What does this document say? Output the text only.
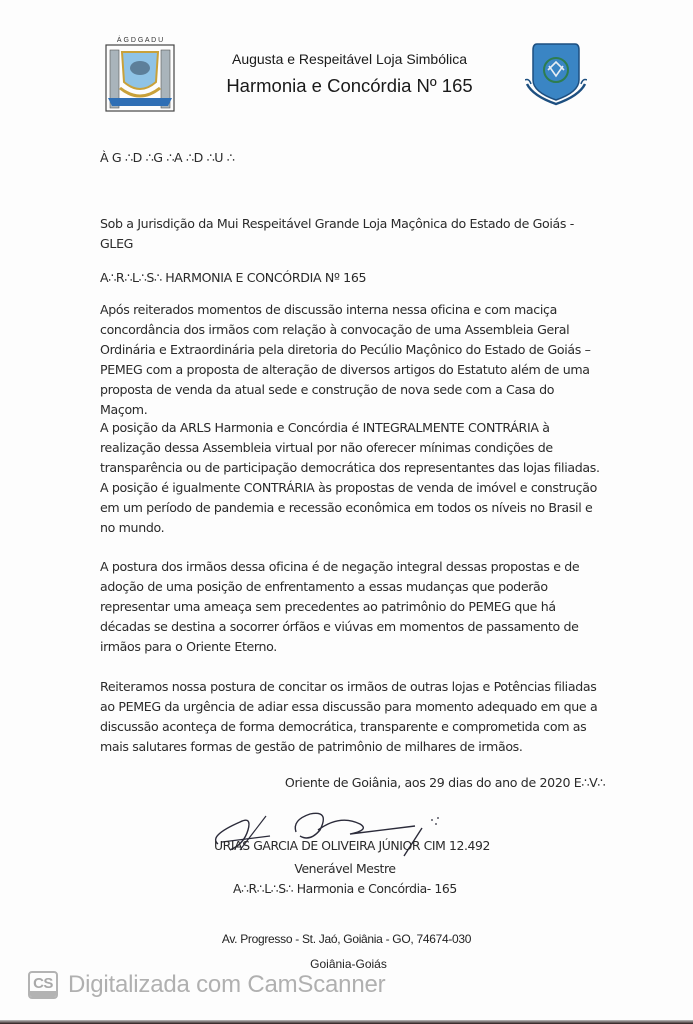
Ȧ G D G A D U
Augusta e Respeitável Loja Simbólica
Harmonia e Concórdia Nº 165
À G ∴D ∴G ∴A ∴D ∴U ∴
Sob a Jurisdição da Mui Respeitável Grande Loja Maçônica do Estado de Goiás - GLEG
A∴R∴L∴S∴ HARMONIA E CONCÓRDIA Nº 165

Após reiterados momentos de discussão interna nessa oficina e com maciça concordância dos irmãos com relação à convocação de uma Assembleia Geral Ordinária e Extraordinária pela diretoria do Pecúlio Maçônico do Estado de Goiás – PEMEG com a proposta de alteração de diversos artigos do Estatuto além de uma proposta de venda da atual sede e construção de nova sede com a Casa do Maçom.

A posição da ARLS Harmonia e Concórdia é INTEGRALMENTE CONTRÁRIA à realização dessa Assembleia virtual por não oferecer mínimas condições de transparência ou de participação democrática dos representantes das lojas filiadas. A posição é igualmente CONTRÁRIA às propostas de venda de imóvel e construção em um período de pandemia e recessão econômica em todos os níveis no Brasil e no mundo.

A postura dos irmãos dessa oficina é de negação integral dessas propostas e de adoção de uma posição de enfrentamento a essas mudanças que poderão representar uma ameaça sem precedentes ao patrimônio do PEMEG que há décadas se destina a socorrer órfãos e viúvas em momentos de passamento de irmãos para o Oriente Eterno.

Reiteramos nossa postura de concitar os irmãos de outras lojas e Potências filiadas ao PEMEG da urgência de adiar essa discussão para momento adequado em que a discussão aconteça de forma democrática, transparente e comprometida com as mais salutares formas de gestão de patrimônio de milhares de irmãos.

Oriente de Goiânia, aos 29 dias do ano de 2020 E∴V∴
URIAS GARCIA DE OLIVEIRA JÚNIOR CIM 12.492
Venerável Mestre
A∴R∴L∴S∴ Harmonia e Concórdia- 165
Av. Progresso - St. Jaó, Goiânia - GO, 74674-030
Goiânia-Goiás
CS Digitalizada com CamScanner
